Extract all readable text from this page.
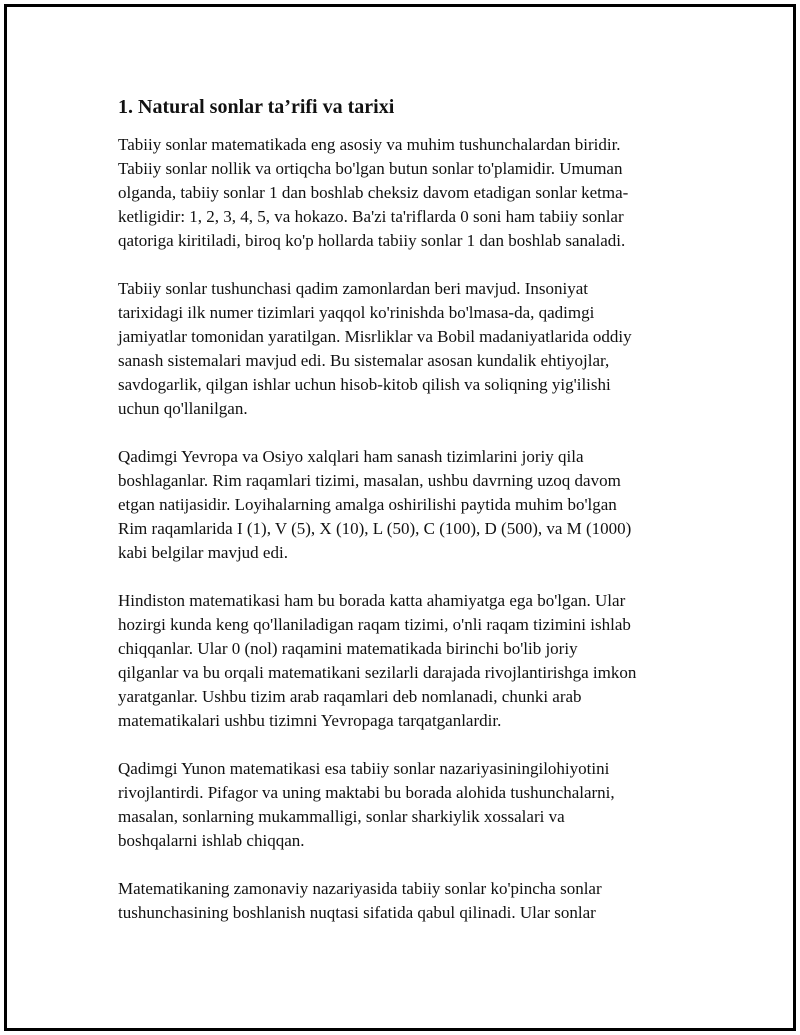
1. Natural sonlar ta’rifi va tarixi

Tabiiy sonlar matematikada eng asosiy va muhim tushunchalardan biridir.
Tabiiy sonlar nollik va ortiqcha bo'lgan butun sonlar to'plamidir. Umuman
olganda, tabiiy sonlar 1 dan boshlab cheksiz davom etadigan sonlar ketma-
ketligidir: 1, 2, 3, 4, 5, va hokazo. Ba'zi ta'riflarda 0 soni ham tabiiy sonlar
qatoriga kiritiladi, biroq ko'p hollarda tabiiy sonlar 1 dan boshlab sanaladi.

Tabiiy sonlar tushunchasi qadim zamonlardan beri mavjud. Insoniyat
tarixidagi ilk numer tizimlari yaqqol ko'rinishda bo'lmasa-da, qadimgi
jamiyatlar tomonidan yaratilgan. Misrliklar va Bobil madaniyatlarida oddiy
sanash sistemalari mavjud edi. Bu sistemalar asosan kundalik ehtiyojlar,
savdogarlik, qilgan ishlar uchun hisob-kitob qilish va soliqning yig'ilishi
uchun qo'llanilgan.

Qadimgi Yevropa va Osiyo xalqlari ham sanash tizimlarini joriy qila
boshlaganlar. Rim raqamlari tizimi, masalan, ushbu davrning uzoq davom
etgan natijasidir. Loyihalarning amalga oshirilishi paytida muhim bo'lgan
Rim raqamlarida I (1), V (5), X (10), L (50), C (100), D (500), va M (1000)
kabi belgilar mavjud edi.

Hindiston matematikasi ham bu borada katta ahamiyatga ega bo'lgan. Ular
hozirgi kunda keng qo'llaniladigan raqam tizimi, o'nli raqam tizimini ishlab
chiqqanlar. Ular 0 (nol) raqamini matematikada birinchi bo'lib joriy
qilganlar va bu orqali matematikani sezilarli darajada rivojlantirishga imkon
yaratganlar. Ushbu tizim arab raqamlari deb nomlanadi, chunki arab
matematikalari ushbu tizimni Yevropaga tarqatganlardir.

Qadimgi Yunon matematikasi esa tabiiy sonlar nazariyasiningilohiyotini
rivojlantirdi. Pifagor va uning maktabi bu borada alohida tushunchalarni,
masalan, sonlarning mukammalligi, sonlar sharkiylik xossalari va
boshqalarni ishlab chiqqan.

Matematikaning zamonaviy nazariyasida tabiiy sonlar ko'pincha sonlar
tushunchasining boshlanish nuqtasi sifatida qabul qilinadi. Ular sonlar
